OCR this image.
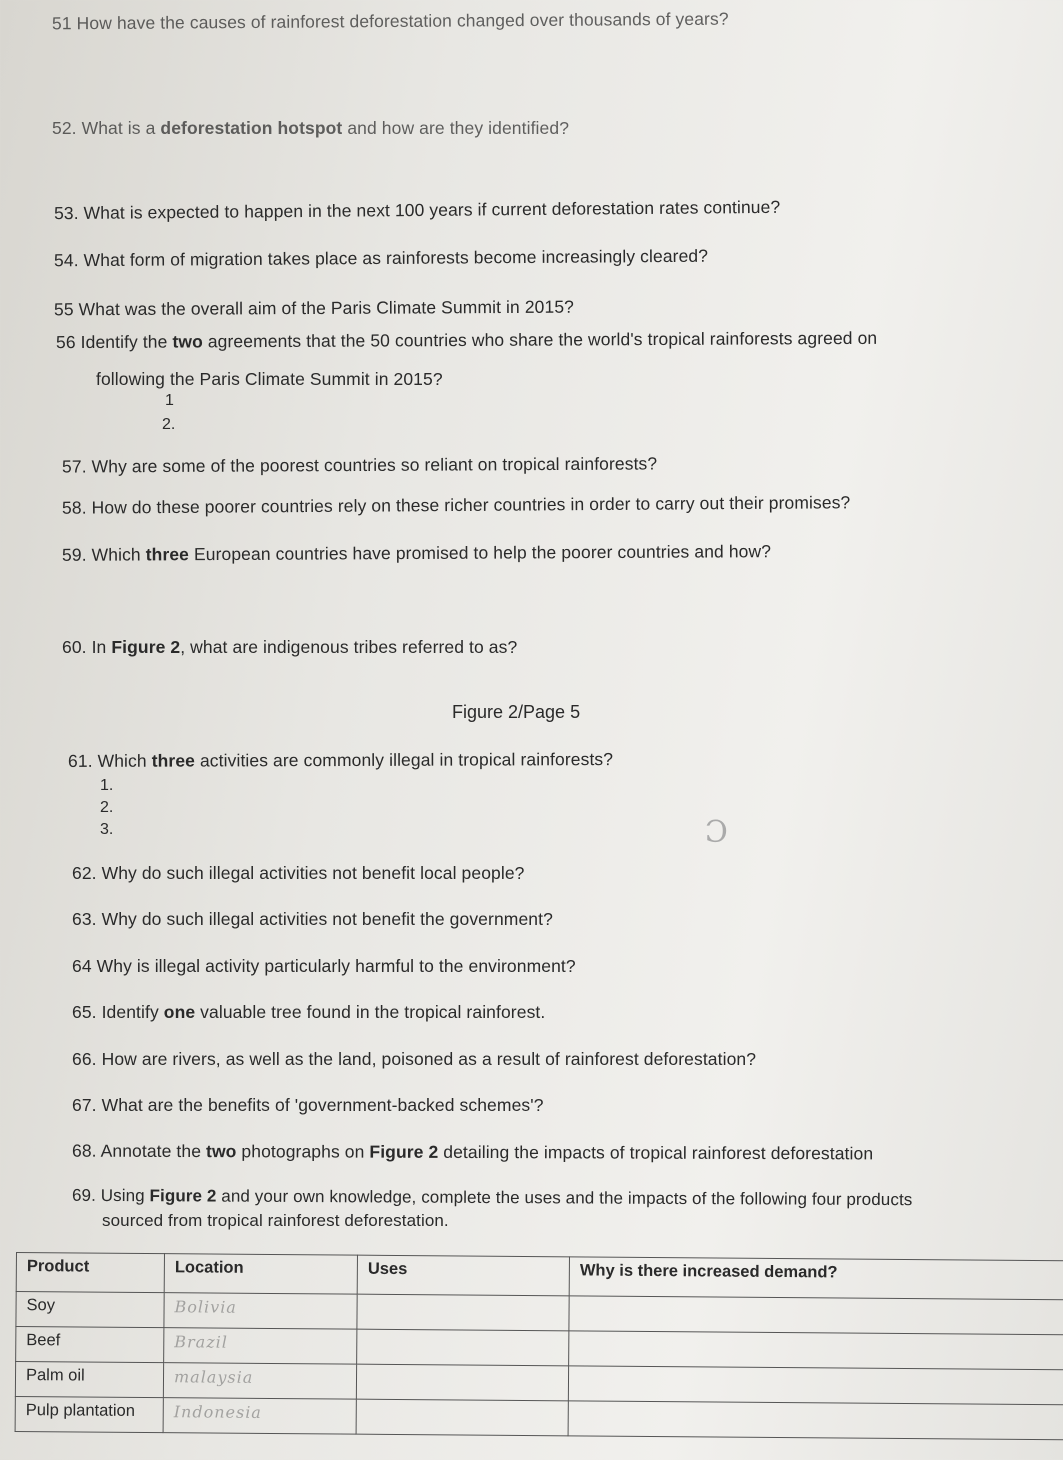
51 How have the causes of rainforest deforestation changed over thousands of years?

52. What is a deforestation hotspot and how are they identified?

53. What is expected to happen in the next 100 years if current deforestation rates continue?

54. What form of migration takes place as rainforests become increasingly cleared?

55 What was the overall aim of the Paris Climate Summit in 2015?

56 Identify the two agreements that the 50 countries who share the world's tropical rainforests agreed on

following the Paris Climate Summit in 2015?

1
2.

57. Why are some of the poorest countries so reliant on tropical rainforests?

58. How do these poorer countries rely on these richer countries in order to carry out their promises?

59. Which three European countries have promised to help the poorer countries and how?

60. In Figure 2, what are indigenous tribes referred to as?

Figure 2/Page 5

61. Which three activities are commonly illegal in tropical rainforests?

1.
2.
3.	Ɔ

62. Why do such illegal activities not benefit local people?

63. Why do such illegal activities not benefit the government?

64 Why is illegal activity particularly harmful to the environment?

65. Identify one valuable tree found in the tropical rainforest.

66. How are rivers, as well as the land, poisoned as a result of rainforest deforestation?

67. What are the benefits of 'government-backed schemes'?

68. Annotate the two photographs on Figure 2 detailing the impacts of tropical rainforest deforestation

69. Using Figure 2 and your own knowledge, complete the uses and the impacts of the following four products

sourced from tropical rainforest deforestation.

Product	Location	Uses	Why is there increased demand?
Soy	Bolivia		
Beef	Brazil		
Palm oil	malaysia		
Pulp plantation	Indonesia		
